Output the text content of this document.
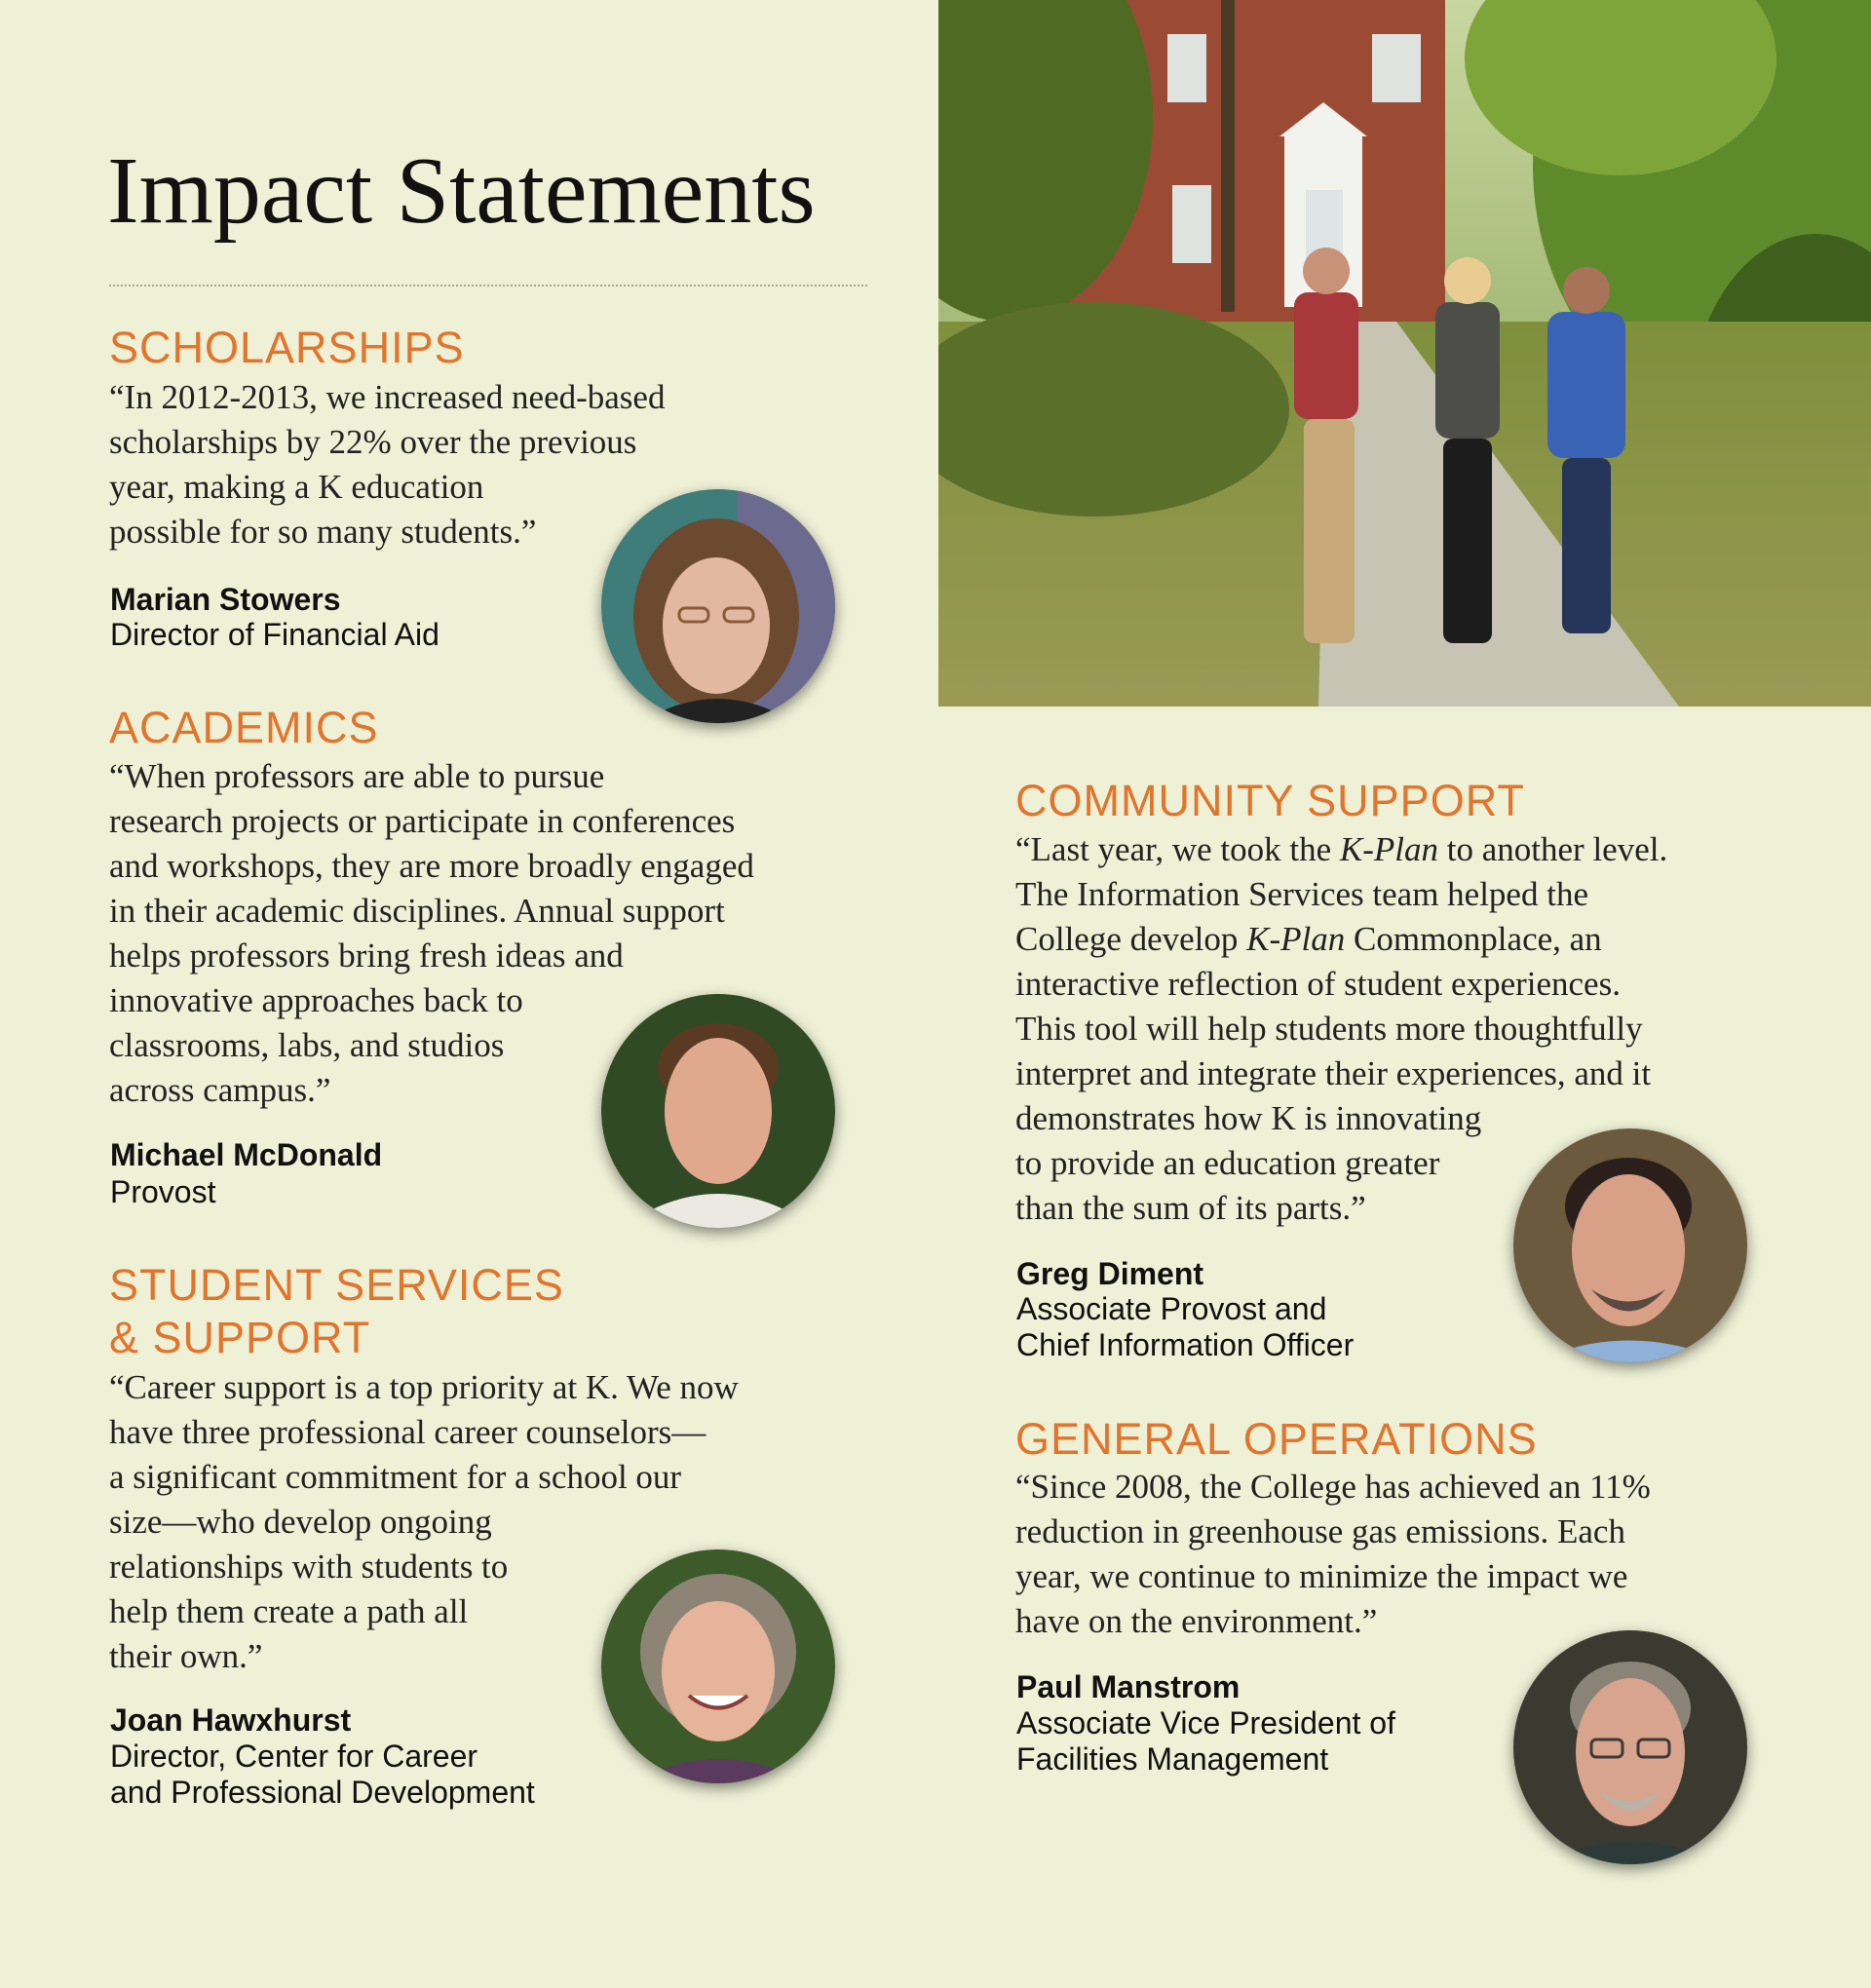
Impact Statements
SCHOLARSHIPS
“In 2012-2013, we increased need-based
scholarships by 22% over the previous
year, making a K education
possible for so many students.”
Marian Stowers
Director of Financial Aid
ACADEMICS
“When professors are able to pursue
research projects or participate in conferences
and workshops, they are more broadly engaged
in their academic disciplines. Annual support
helps professors bring fresh ideas and
innovative approaches back to
classrooms, labs, and studios
across campus.”
Michael McDonald
Provost
STUDENT SERVICES
& SUPPORT
“Career support is a top priority at K. We now
have three professional career counselors—
a significant commitment for a school our
size—who develop ongoing
relationships with students to
help them create a path all
their own.”
Joan Hawxhurst
Director, Center for Career
and Professional Development
COMMUNITY SUPPORT
“Last year, we took the K-Plan to another level.
The Information Services team helped the
College develop K-Plan Commonplace, an
interactive reflection of student experiences.
This tool will help students more thoughtfully
interpret and integrate their experiences, and it
demonstrates how K is innovating
to provide an education greater
than the sum of its parts.”
Greg Diment
Associate Provost and
Chief Information Officer
GENERAL OPERATIONS
“Since 2008, the College has achieved an 11%
reduction in greenhouse gas emissions. Each
year, we continue to minimize the impact we
have on the environment.”
Paul Manstrom
Associate Vice President of
Facilities Management
